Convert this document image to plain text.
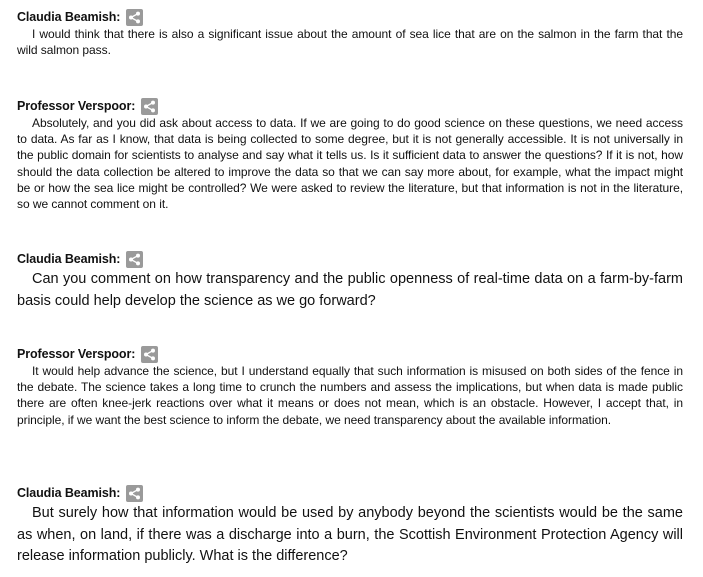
Claudia Beamish:

I would think that there is also a significant issue about the amount of sea lice that are on the salmon in the farm that the wild salmon pass.

Professor Verspoor:

Absolutely, and you did ask about access to data. If we are going to do good science on these questions, we need access to data. As far as I know, that data is being collected to some degree, but it is not generally accessible. It is not universally in the public domain for scientists to analyse and say what it tells us. Is it sufficient data to answer the questions? If it is not, how should the data collection be altered to improve the data so that we can say more about, for example, what the impact might be or how the sea lice might be controlled? We were asked to review the literature, but that information is not in the literature, so we cannot comment on it.

Claudia Beamish:

Can you comment on how transparency and the public openness of real-time data on a farm-by-farm basis could help develop the science as we go forward?

Professor Verspoor:

It would help advance the science, but I understand equally that such information is misused on both sides of the fence in the debate. The science takes a long time to crunch the numbers and assess the implications, but when data is made public there are often knee-jerk reactions over what it means or does not mean, which is an obstacle. However, I accept that, in principle, if we want the best science to inform the debate, we need transparency about the available information.

Claudia Beamish:

But surely how that information would be used by anybody beyond the scientists would be the same as when, on land, if there was a discharge into a burn, the Scottish Environment Protection Agency will release information publicly. What is the difference?
